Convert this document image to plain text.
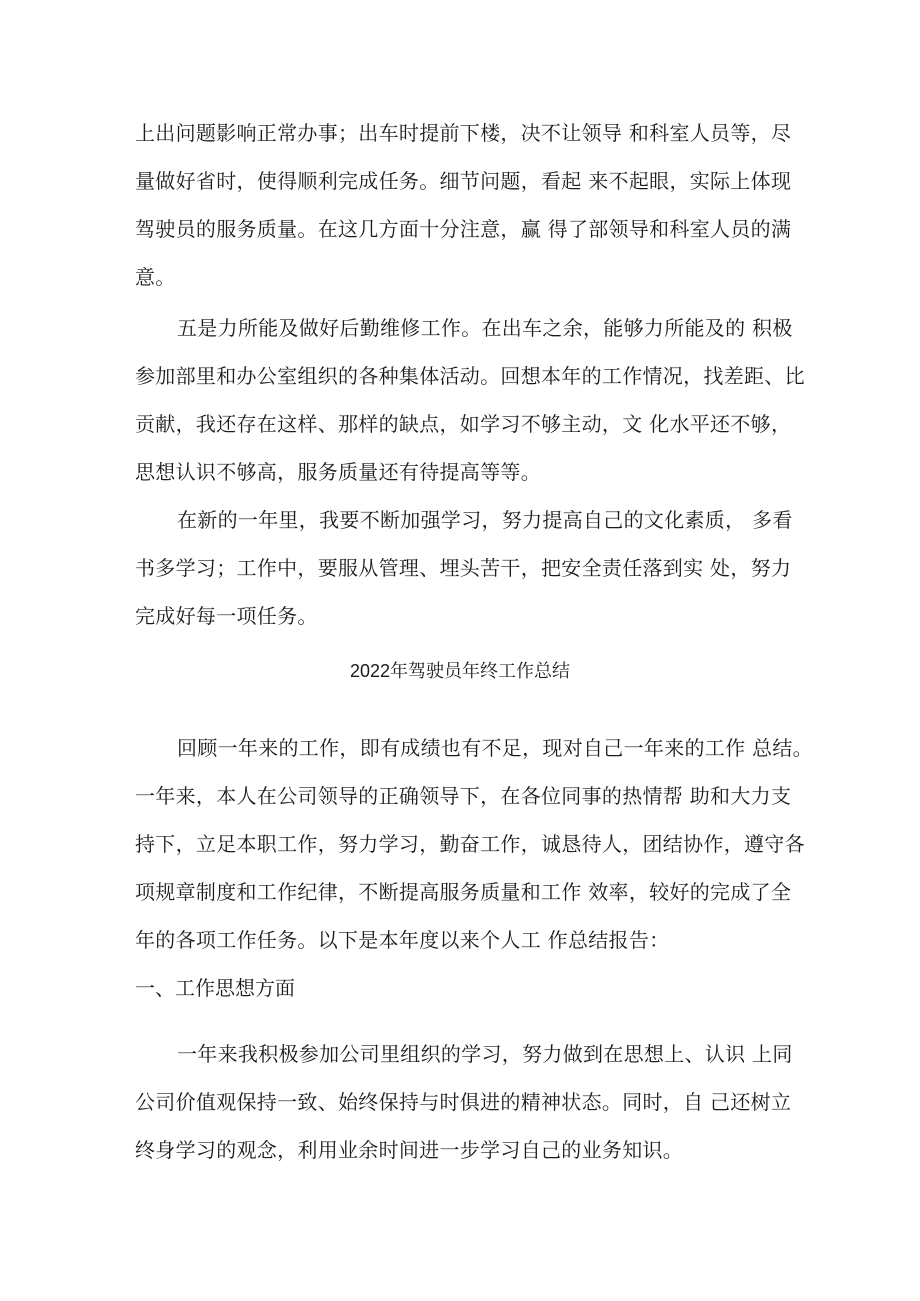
上出问题影响正常办事；出车时提前下楼，决不让领导 和科室人员等，尽
量做好省时，使得顺利完成任务。细节问题，看起 来不起眼，实际上体现
驾驶员的服务质量。在这几方面十分注意，赢 得了部领导和科室人员的满
意。
五是力所能及做好后勤维修工作。在出车之余，能够力所能及的 积极
参加部里和办公室组织的各种集体活动。回想本年的工作情况，找差距、比
贡献，我还存在这样、那样的缺点，如学习不够主动，文 化水平还不够，
思想认识不够高，服务质量还有待提高等等。
在新的一年里，我要不断加强学习，努力提高自己的文化素质， 多看
书多学习；工作中，要服从管理、埋头苦干，把安全责任落到实 处，努力
完成好每一项任务。
2022年驾驶员年终工作总结
回顾一年来的工作，即有成绩也有不足，现对自己一年来的工作 总结。
一年来，本人在公司领导的正确领导下，在各位同事的热情帮 助和大力支
持下，立足本职工作，努力学习，勤奋工作，诚恳待人，团结协作，遵守各
项规章制度和工作纪律，不断提高服务质量和工作 效率，较好的完成了全
年的各项工作任务。以下是本年度以来个人工 作总结报告：
一、工作思想方面
一年来我积极参加公司里组织的学习，努力做到在思想上、认识 上同
公司价值观保持一致、始终保持与时俱进的精神状态。同时，自 己还树立
终身学习的观念，利用业余时间进一步学习自己的业务知识。
